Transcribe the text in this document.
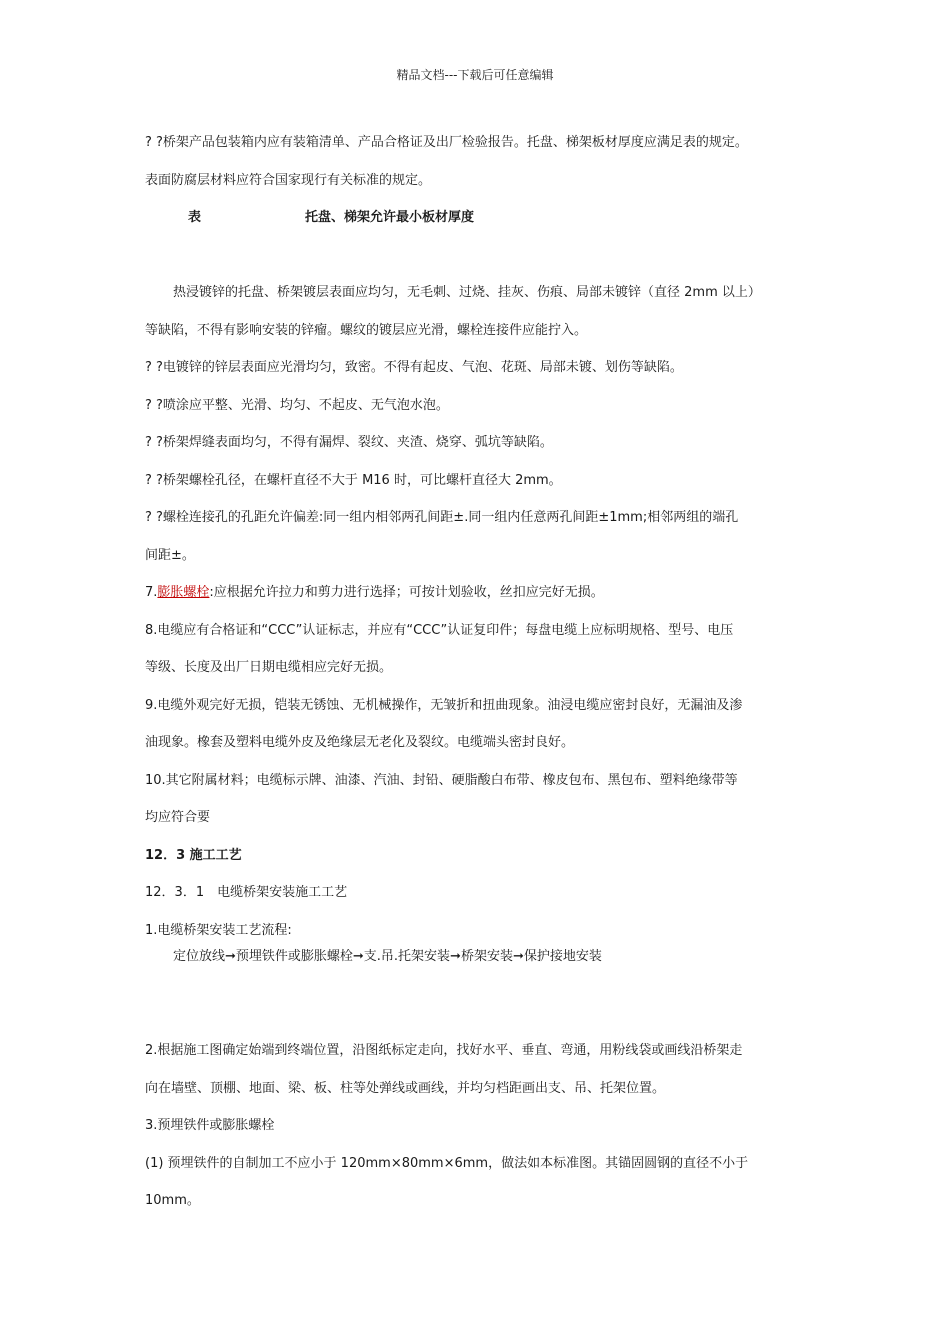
精品文档---下载后可任意编辑
? ?桥架产品包装箱内应有装箱清单、产品合格证及出厂检验报告。托盘、梯架板材厚度应满足表的规定。
表面防腐层材料应符合国家现行有关标准的规定。
表	托盘、梯架允许最小板材厚度
热浸镀锌的托盘、桥架镀层表面应均匀，无毛刺、过烧、挂灰、伤痕、局部未镀锌（直径 2mm 以上）
等缺陷，不得有影响安装的锌瘤。螺纹的镀层应光滑，螺栓连接件应能拧入。
? ?电镀锌的锌层表面应光滑均匀，致密。不得有起皮、气泡、花斑、局部未镀、划伤等缺陷。
? ?喷涂应平整、光滑、均匀、不起皮、无气泡水泡。
? ?桥架焊缝表面均匀，不得有漏焊、裂纹、夹渣、烧穿、弧坑等缺陷。
? ?桥架螺栓孔径，在螺杆直径不大于 M16 时，可比螺杆直径大 2mm。
? ?螺栓连接孔的孔距允许偏差:同一组内相邻两孔间距±.同一组内任意两孔间距±1mm;相邻两组的端孔
间距±。
7.膨胀螺栓:应根据允许拉力和剪力进行选择；可按计划验收，丝扣应完好无损。
8.电缆应有合格证和“CCC”认证标志，并应有“CCC”认证复印件；每盘电缆上应标明规格、型号、电压
等级、长度及出厂日期电缆相应完好无损。
9.电缆外观完好无损，铠装无锈蚀、无机械操作，无皱折和扭曲现象。油浸电缆应密封良好，无漏油及渗
油现象。橡套及塑料电缆外皮及绝缘层无老化及裂纹。电缆端头密封良好。
10.其它附属材料；电缆标示牌、油漆、汽油、封铅、硬脂酸白布带、橡皮包布、黑包布、塑料绝缘带等
均应符合要
12．3 施工工艺
12．3．1　电缆桥架安装施工工艺
1.电缆桥架安装工艺流程:
定位放线➞预埋铁件或膨胀螺栓➞支.吊.托架安装➞桥架安装➞保护接地安装
2.根据施工图确定始端到终端位置，沿图纸标定走向，找好水平、垂直、弯通，用粉线袋或画线沿桥架走
向在墙壁、顶棚、地面、梁、板、柱等处弹线或画线，并均匀档距画出支、吊、托架位置。
3.预埋铁件或膨胀螺栓
(1) 预埋铁件的自制加工不应小于 120mm×80mm×6mm，做法如本标准图。其锚固圆钢的直径不小于
10mm。
